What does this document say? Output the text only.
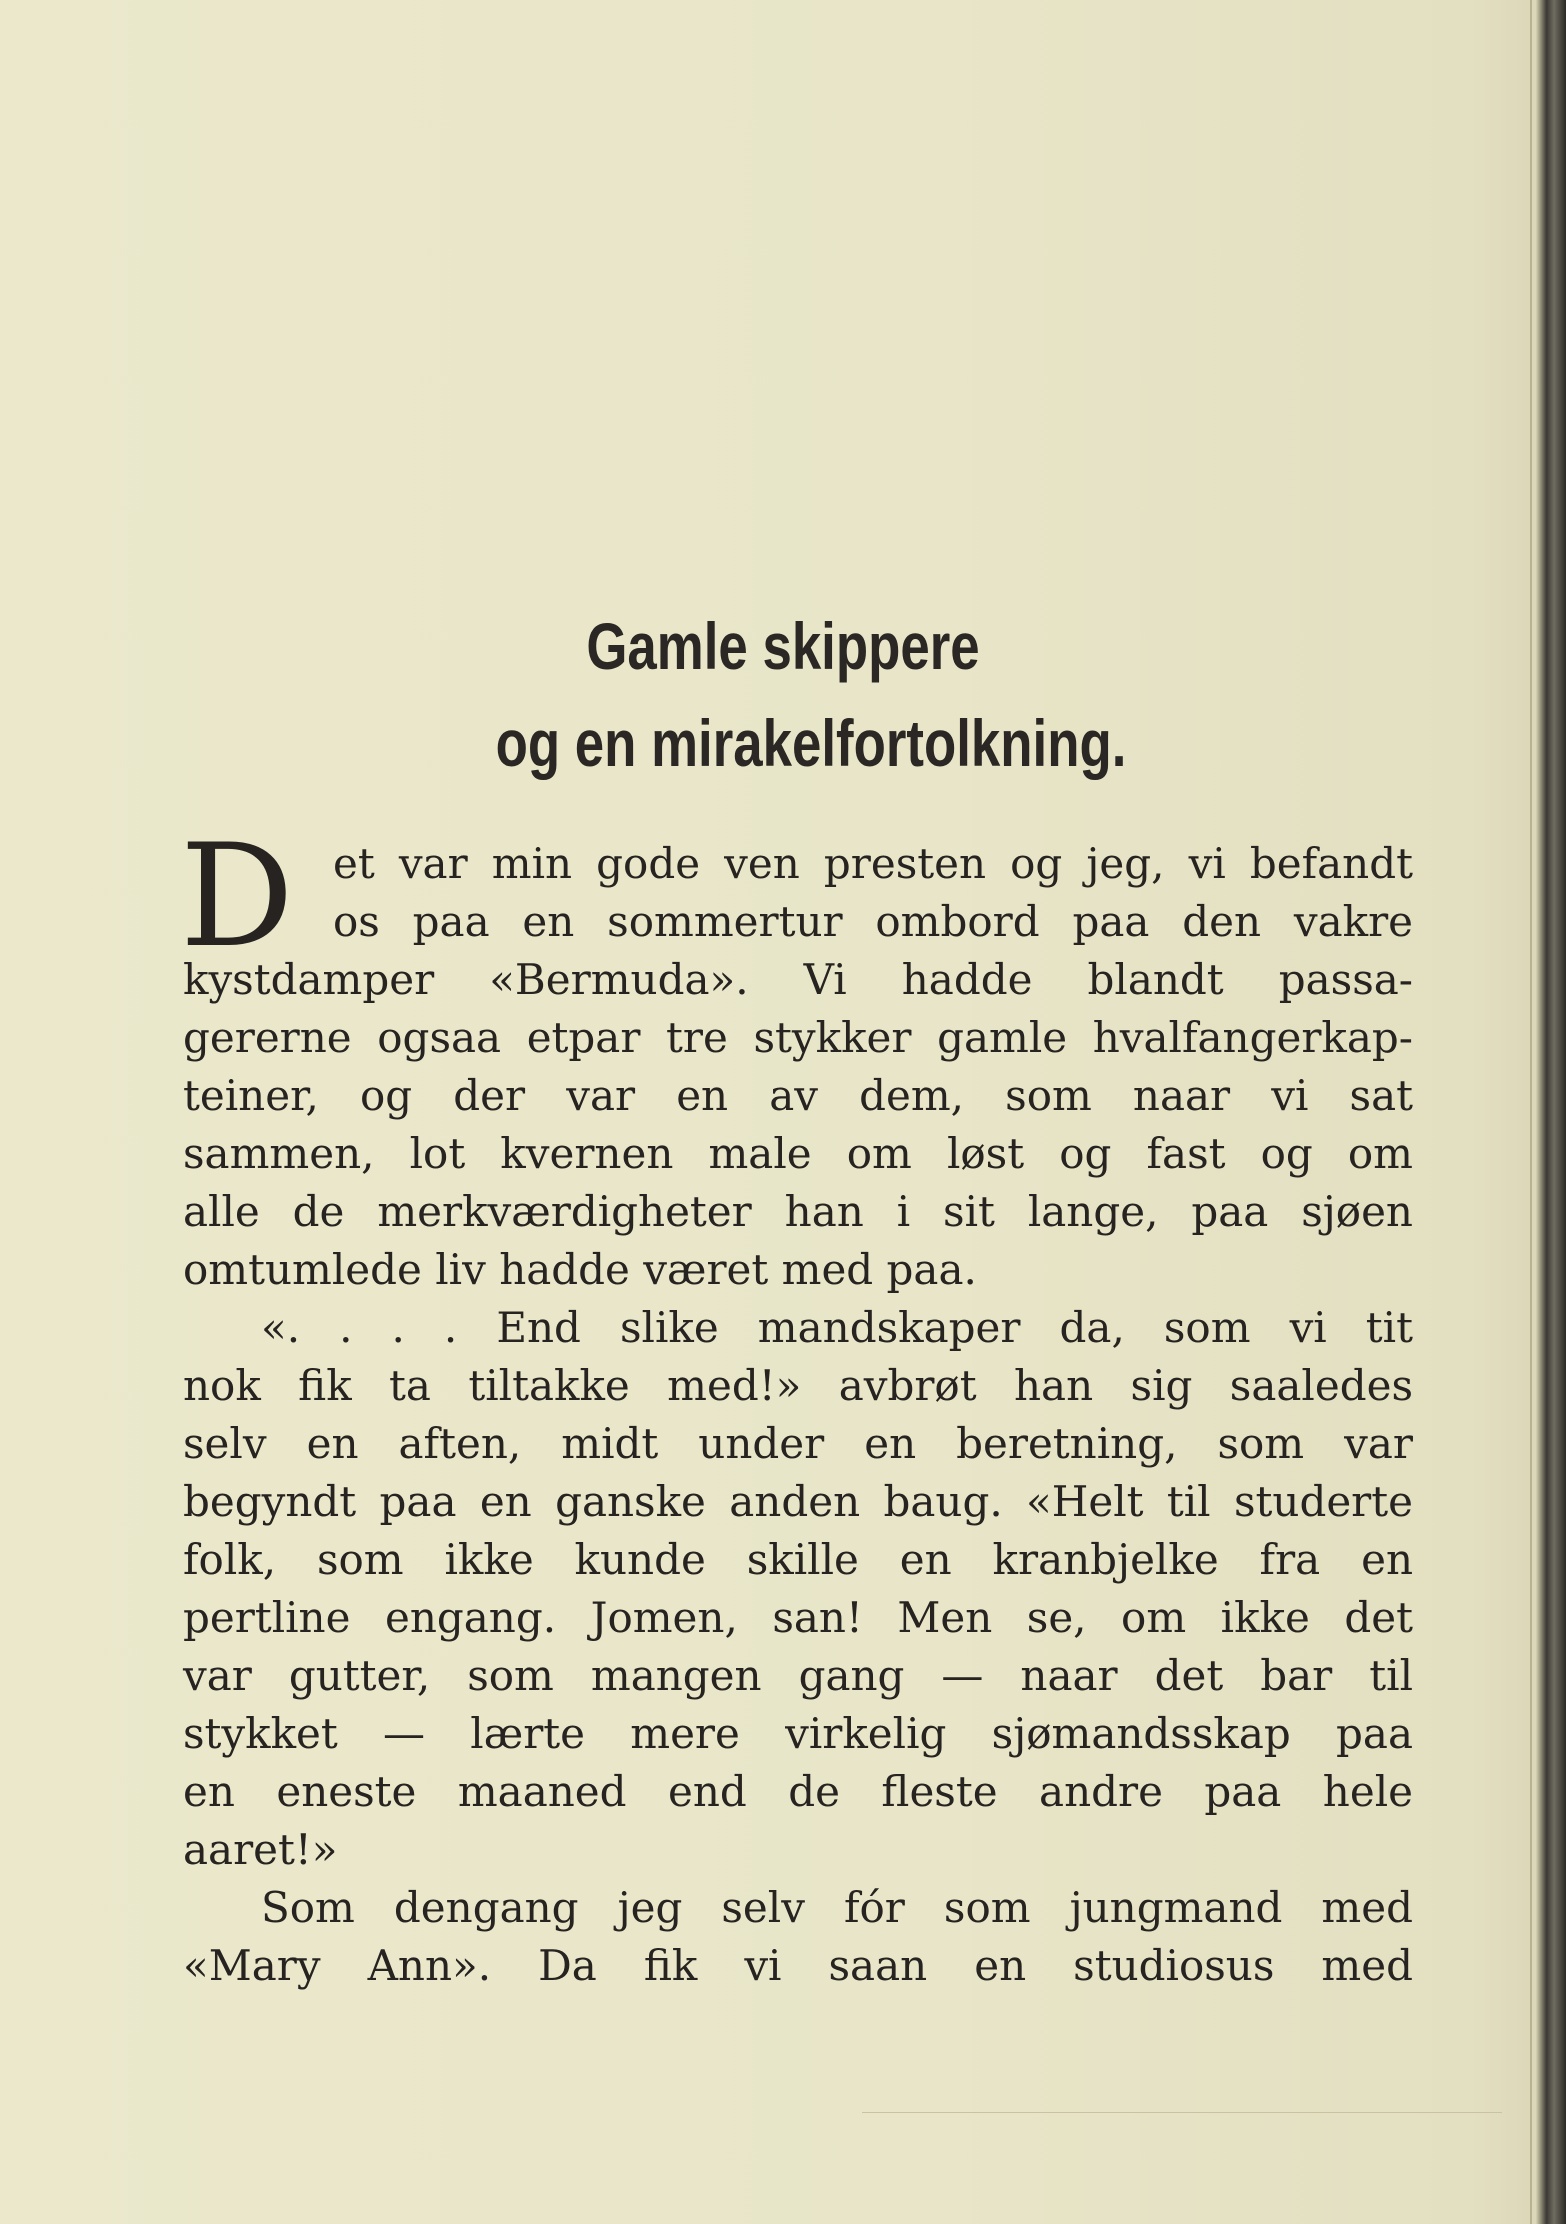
Gamle skippere
og en mirakelfortolkning.
D et var min gode ven presten og jeg, vi befandt
os paa en sommertur ombord paa den vakre
kystdamper «Bermuda». Vi hadde blandt passa-
gererne ogsaa etpar tre stykker gamle hvalfangerkap-
teiner, og der var en av dem, som naar vi sat
sammen, lot kvernen male om løst og fast og om
alle de merkværdigheter han i sit lange, paa sjøen
omtumlede liv hadde været med paa.
«. . . . End slike mandskaper da, som vi tit
nok fik ta tiltakke med!» avbrøt han sig saaledes
selv en aften, midt under en beretning, som var
begyndt paa en ganske anden baug. «Helt til studerte
folk, som ikke kunde skille en kranbjelke fra en
pertline engang. Jomen, san! Men se, om ikke det
var gutter, som mangen gang — naar det bar til
stykket — lærte mere virkelig sjømandsskap paa
en eneste maaned end de fleste andre paa hele
aaret!»
Som dengang jeg selv fór som jungmand med
«Mary Ann». Da fik vi saan en studiosus med
